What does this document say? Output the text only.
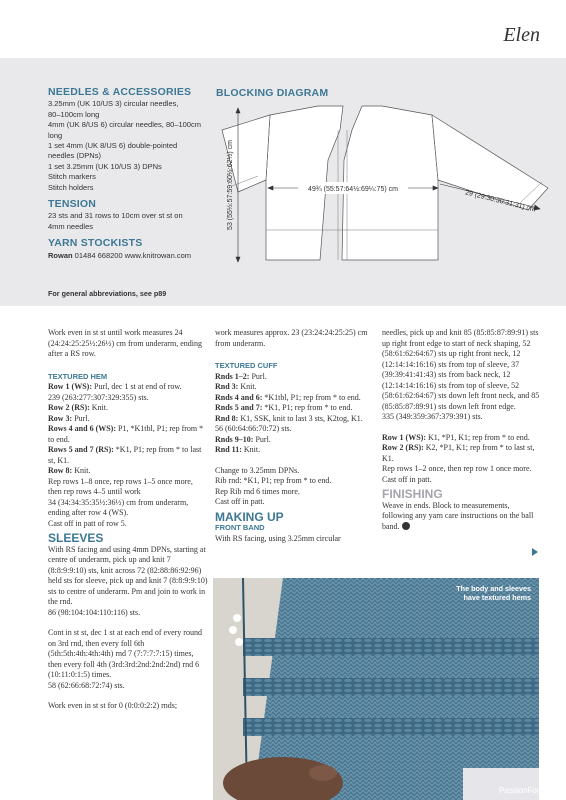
Elen
NEEDLES & ACCESSORIES

3.25mm (UK 10/US 3) circular needles,

80–100cm long

4mm (UK 8/US 6) circular needles, 80–100cm

long

1 set 4mm (UK 8/US 6) double-pointed

needles (DPNs)

1 set 3.25mm (UK 10/US 3) DPNs

Stitch markers

Stitch holders

TENSION

23 sts and 31 rows to 10cm over st st on

4mm needles

YARN STOCKISTS

Rowan 01484 668200 www.knitrowan.com

For general abbreviations, see p89
BLOCKING DIAGRAM
49¾ (55:57:64½:69¼:75) cm	29 (29:30:30:31:31) cm
53 (55½:57:59:60½:62½) cm

Work even in st st until work measures 24 (24:24:25:25½:26½) cm from underarm, ending after a RS row.

TEXTURED HEM

Row 1 (WS): Purl, dec 1 st at end of row.

239 (263:277:307:329:355) sts.

Row 2 (RS): Knit.

Row 3: Purl.

Rows 4 and 6 (WS): P1, *K1tbl, P1; rep from * to end.

Rows 5 and 7 (RS): *K1, P1; rep from * to last st, K1.

Row 8: Knit.

Rep rows 1–8 once, rep rows 1–5 once more, then rep rows 4–5 until work

34 (34:34:35:35½:36½) cm from underarm, ending after row 4 (WS).

Cast off in patt of row 5.

SLEEVES

With RS facing and using 4mm DPNs, starting at centre of underarm, pick up and knit 7 (8:8:9:9:10) sts, knit across 72 (82:88:86:92:96) held sts for sleeve, pick up and knit 7 (8:8:9:9:10) sts to centre of underarm. Pm and join to work in the rnd.

86 (98:104:104:110:116) sts.

Cont in st st, dec 1 st at each end of every round on 3rd rnd, then every foll 6th (5th:5th:4th:4th:4th) rnd 7 (7:7:7:7:15) times, then every foll 4th (3rd:3rd:2nd:2nd:2nd) rnd 6 (10:11:0:1:5) times.

58 (62:66:68:72:74) sts.

Work even in st st for 0 (0:0:0:2:2) rnds;

work measures approx. 23 (23:24:24:25:25) cm from underarm.

TEXTURED CUFF

Rnds 1–2: Purl.

Rnd 3: Knit.

Rnds 4 and 6: *K1tbl, P1; rep from * to end.

Rnds 5 and 7: *K1, P1; rep from * to end.

Rnd 8: K1, SSK, knit to last 3 sts, K2tog, K1.

56 (60:64:66:70:72) sts.

Rnds 9–10: Purl.

Rnd 11: Knit.

Change to 3.25mm DPNs.

Rib rnd: *K1, P1; rep from * to end.

Rep Rib rnd 6 times more.

Cast off in patt.

MAKING UP
FRONT BAND

With RS facing, using 3.25mm circular

needles, pick up and knit 85 (85:85:87:89:91) sts up right front edge to start of neck shaping, 52 (58:61:62:64:67) sts up right front neck, 12 (12:14:14:16:16) sts from top of sleeve, 37 (39:39:41:41:43) sts from back neck, 12 (12:14:14:16:16) sts from top of sleeve, 52 (58:61:62:64:67) sts down left front neck, and 85 (85:85:87:89:91) sts down left front edge.

335 (349:359:367:379:391) sts.

Row 1 (WS): K1, *P1, K1; rep from * to end.

Row 2 (RS): K2, *P1, K1; rep from * to last st, K1.

Rep rows 1–2 once, then rep row 1 once more.

Cast off in patt.

FINISHING

Weave in ends. Block to measurements, following any yarn care instructions on the ball band.

The body and sleeves
have textured hems
PassionForum.ru
